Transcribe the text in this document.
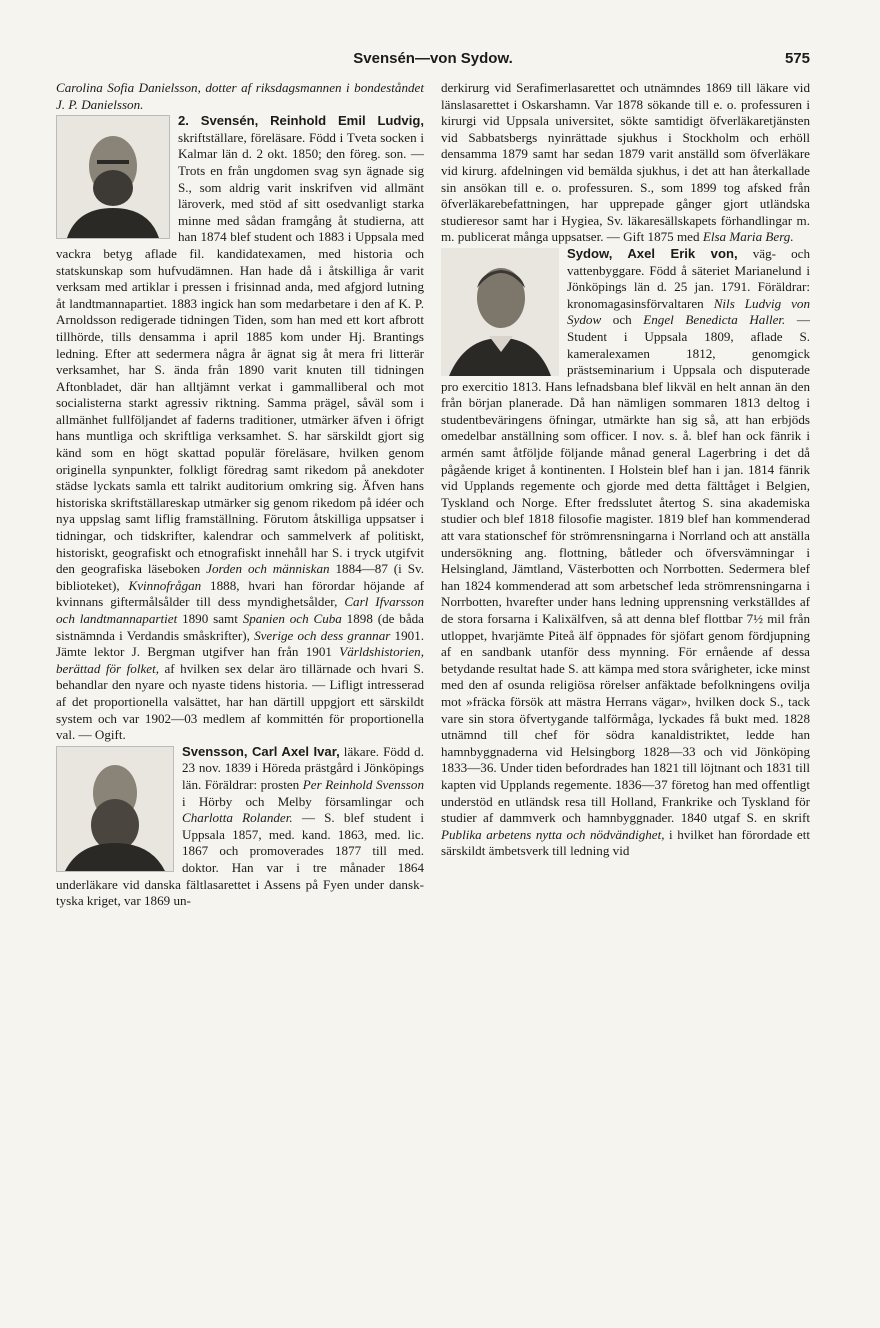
Svensén—von Sydow.	575

Carolina Sofia Danielsson, dotter af riksdagsmannen i bondeståndet J. P. Danielsson.

2. Svensén, Reinhold Emil Ludvig, skriftställare, föreläsare. Född i Tveta socken i Kalmar län d. 2 okt. 1850; den föreg. son. — Trots en från ungdomen svag syn ägnade sig S., som aldrig varit inskrifven vid allmänt läroverk, med stöd af sitt osedvanligt starka minne med sådan framgång åt studierna, att han 1874 blef student och 1883 i Uppsala med vackra betyg aflade fil. kandidatexamen, med historia och statskunskap som hufvudämnen. Han hade då i åtskilliga år varit verksam med artiklar i pressen i frisinnad anda, med afgjord lutning åt landtmannapartiet. 1883 ingick han som medarbetare i den af K. P. Arnoldsson redigerade tidningen Tiden, som han med ett kort afbrott tillhörde, tills densamma i april 1885 kom under Hj. Brantings ledning. Efter att sedermera några år ägnat sig åt mera fri litterär verksamhet, har S. ända från 1890 varit knuten till tidningen Aftonbladet, där han alltjämnt verkat i gammalliberal och mot socialisterna starkt agressiv riktning. Samma prägel, såväl som i allmänhet fullföljandet af faderns traditioner, utmärker äfven i öfrigt hans muntliga och skriftliga verksamhet. S. har särskildt gjort sig känd som en högt skattad populär föreläsare, hvilken genom originella synpunkter, folkligt föredrag samt rikedom på anekdoter städse lyckats samla ett talrikt auditorium omkring sig. Äfven hans historiska skriftställareskap utmärker sig genom rikedom på idéer och nya uppslag samt liflig framställning. Förutom åtskilliga uppsatser i tidningar, och tidskrifter, kalendrar och sammelverk af politiskt, historiskt, geografiskt och etnografiskt innehåll har S. i tryck utgifvit den geografiska läseboken Jorden och människan 1884—87 (i Sv. biblioteket), Kvinnofrågan 1888, hvari han förordar höjande af kvinnans giftermålsålder till dess myndighetsålder, Carl Ifvarsson och landtmannapartiet 1890 samt Spanien och Cuba 1898 (de båda sistnämnda i Verdandis småskrifter), Sverige och dess grannar 1901. Jämte lektor J. Bergman utgifver han från 1901 Världshistorien, berättad för folket, af hvilken sex delar äro tillärnade och hvari S. behandlar den nyare och nyaste tidens historia. — Lifligt intresserad af det proportionella valsättet, har han därtill uppgjort ett särskildt system och var 1902—03 medlem af kommittén för proportionella val. — Ogift.

Svensson, Carl Axel Ivar, läkare. Född d. 23 nov. 1839 i Höreda prästgård i Jönköpings län. Föräldrar: prosten Per Reinhold Svensson i Hörby och Melby församlingar och Charlotta Rolander. — S. blef student i Uppsala 1857, med. kand. 1863, med. lic. 1867 och promoverades 1877 till med. doktor. Han var i tre månader 1864 underläkare vid danska fältlasarettet i Assens på Fyen under dansk-tyska kriget, var 1869 un-

derkirurg vid Serafimerlasarettet och utnämndes 1869 till läkare vid länslasarettet i Oskarshamn. Var 1878 sökande till e. o. professuren i kirurgi vid Uppsala universitet, sökte samtidigt öfverläkaretjänsten vid Sabbatsbergs nyinrättade sjukhus i Stockholm och erhöll densamma 1879 samt har sedan 1879 varit anställd som öfverläkare vid kirurg. afdelningen vid bemälda sjukhus, i det att han återkallade sin ansökan till e. o. professuren. S., som 1899 tog afsked från öfverläkarebefattningen, har upprepade gånger gjort utländska studieresor samt har i Hygiea, Sv. läkaresällskapets förhandlingar m. m. publicerat många uppsatser. — Gift 1875 med Elsa Maria Berg.

Sydow, Axel Erik von, väg- och vattenbyggare. Född å säteriet Marianelund i Jönköpings län d. 25 jan. 1791. Föräldrar: kronomagasinsförvaltaren Nils Ludvig von Sydow och Engel Benedicta Haller. — Student i Uppsala 1809, aflade S. kameralexamen 1812, genomgick prästseminarium i Uppsala och disputerade pro exercitio 1813. Hans lefnadsbana blef likväl en helt annan än den från början planerade. Då han nämligen sommaren 1813 deltog i studentbeväringens öfningar, utmärkte han sig så, att han erbjöds omedelbar anställning som officer. I nov. s. å. blef han ock fänrik i armén samt åtföljde följande månad general Lagerbring i det då pågående kriget å kontinenten. I Holstein blef han i jan. 1814 fänrik vid Upplands regemente och gjorde med detta fälttåget i Belgien, Tyskland och Norge. Efter fredsslutet återtog S. sina akademiska studier och blef 1818 filosofie magister. 1819 blef han kommenderad att vara stationschef för strömrensningarna i Norrland och att anställa undersökning ang. flottning, båtleder och öfversvämningar i Helsingland, Jämtland, Västerbotten och Norrbotten. Sedermera blef han 1824 kommenderad att som arbetschef leda strömrensningarna i Norrbotten, hvarefter under hans ledning upprensning verkställdes af de stora forsarna i Kalixälfven, så att denna blef flottbar 7½ mil från utloppet, hvarjämte Piteå älf öppnades för sjöfart genom fördjupning af en sandbank utanför dess mynning. För ernående af dessa betydande resultat hade S. att kämpa med stora svårigheter, icke minst med den af osunda religiösa rörelser anfäktade befolkningens ovilja mot »fräcka försök att mästra Herrans vägar», hvilken dock S., tack vare sin stora öfvertygande talförmåga, lyckades få bukt med. 1828 utnämnd till chef för södra kanaldistriktet, ledde han hamnbyggnaderna vid Helsingborg 1828—33 och vid Jönköping 1833—36. Under tiden befordrades han 1821 till löjtnant och 1831 till kapten vid Upplands regemente. 1836—37 företog han med offentligt understöd en utländsk resa till Holland, Frankrike och Tyskland för studier af dammverk och hamnbyggnader. 1840 utgaf S. en skrift Publika arbetens nytta och nödvändighet, i hvilket han förordade ett särskildt ämbetsverk till ledning vid
